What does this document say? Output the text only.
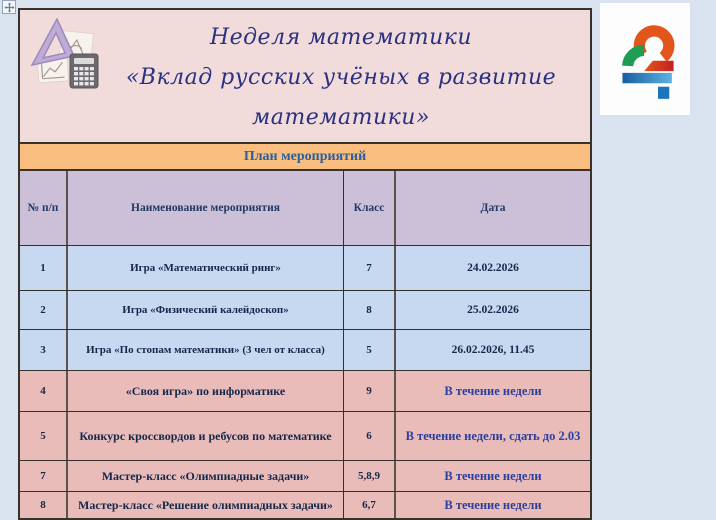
Неделя математики
«Вклад русских учёных в развитие математики»
План мероприятий
№ п/п	Наименование мероприятия	Класс	Дата
1	Игра «Математический ринг»	7	24.02.2026
2	Игра «Физический калейдоскоп»	8	25.02.2026
3	Игра «По стопам математики» (3 чел от класса)	5	26.02.2026, 11.45
4	«Своя игра» по информатике	9	В течение недели
5	Конкурс кроссвордов и ребусов по математике	6	В течение недели, сдать до 2.03
7	Мастер-класс «Олимпиадные задачи»	5,8,9	В течение недели
8	Мастер-класс «Решение олимпиадных задачи»	6,7	В течение недели
